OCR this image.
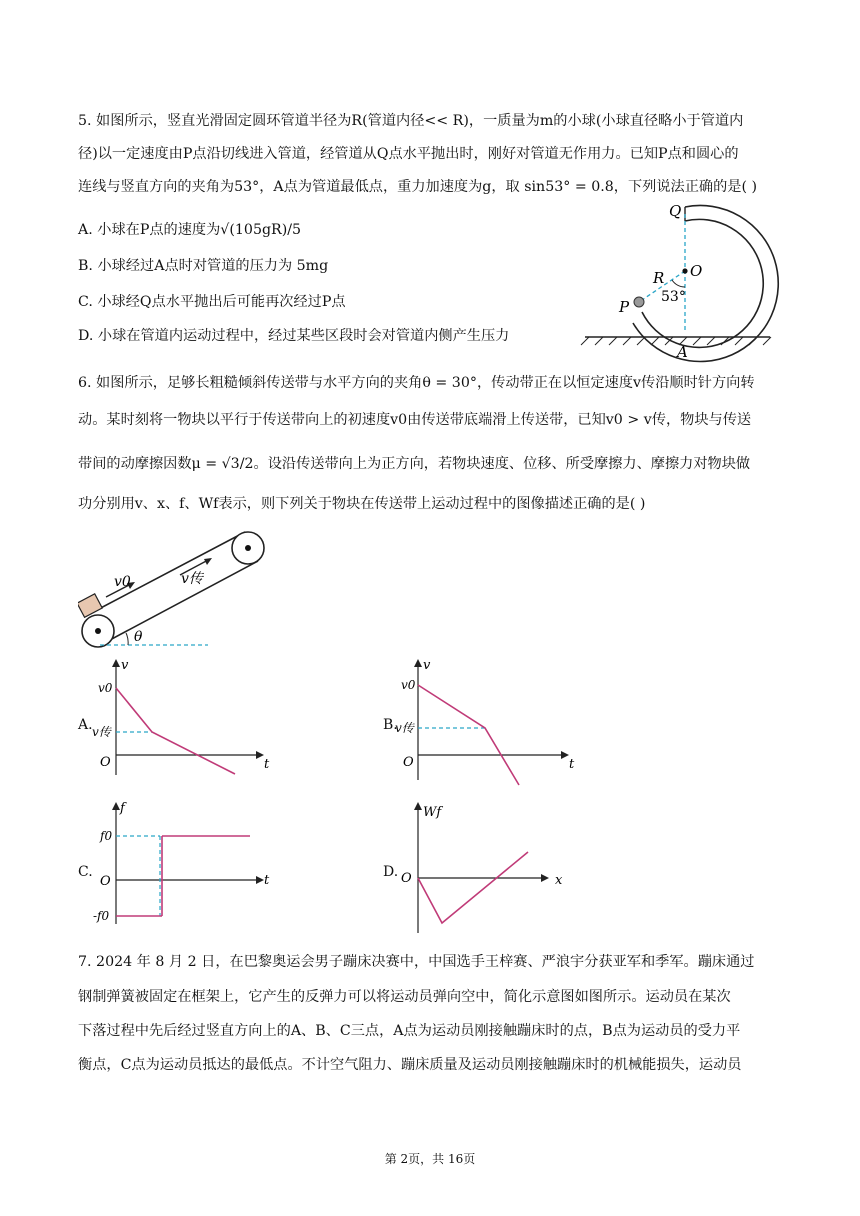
5. 如图所示，竖直光滑固定圆环管道半径为R(管道内径<< R)，一质量为m的小球(小球直径略小于管道内
径)以一定速度由P点沿切线进入管道，经管道从Q点水平抛出时，刚好对管道无作用力。已知P点和圆心的
连线与竖直方向的夹角为53°，A点为管道最低点，重力加速度为g，取 sin53° = 0.8，下列说法正确的是( )
A. 小球在P点的速度为√(105gR)/5
B. 小球经过A点时对管道的压力为 5mg
C. 小球经Q点水平抛出后可能再次经过P点
D. 小球在管道内运动过程中，经过某些区段时会对管道内侧产生压力
Q
O
R
53°
P
A
6. 如图所示，足够长粗糙倾斜传送带与水平方向的夹角θ = 30°，传动带正在以恒定速度v传沿顺时针方向转
动。某时刻将一物块以平行于传送带向上的初速度v0由传送带底端滑上传送带，已知v0 > v传，物块与传送
带间的动摩擦因数μ = √3/2。设沿传送带向上为正方向，若物块速度、位移、所受摩擦力、摩擦力对物块做
功分别用v、x、f、Wf表示，则下列关于物块在传送带上运动过程中的图像描述正确的是( )
v0	v传
θ
A.
v
t
O
v0
v传	B.
v
t
O
v0
v传
C.
f
t
O
f0
-f0
D.
Wf
x
O
7. 2024 年 8 月 2 日，在巴黎奥运会男子蹦床决赛中，中国选手王梓赛、严浪宇分获亚军和季军。蹦床通过
钢制弹簧被固定在框架上，它产生的反弹力可以将运动员弹向空中，简化示意图如图所示。运动员在某次
下落过程中先后经过竖直方向上的A、B、C三点，A点为运动员刚接触蹦床时的点，B点为运动员的受力平
衡点，C点为运动员抵达的最低点。不计空气阻力、蹦床质量及运动员刚接触蹦床时的机械能损失，运动员
第 2页，共 16页
